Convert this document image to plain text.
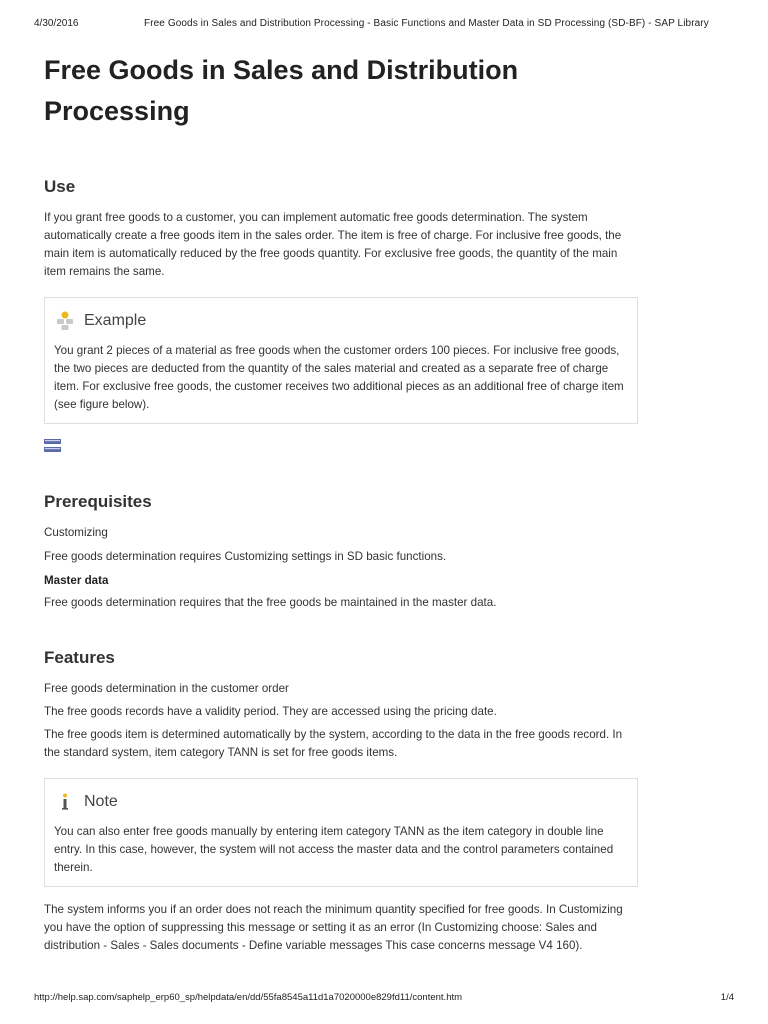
4/30/2016	Free Goods in Sales and Distribution Processing - Basic Functions and Master Data in SD Processing (SD-BF) - SAP Library
Free Goods in Sales and Distribution Processing
Use

If you grant free goods to a customer, you can implement automatic free goods determination. The system automatically create a free goods item in the sales order. The item is free of charge. For inclusive free goods, the main item is automatically reduced by the free goods quantity. For exclusive free goods, the quantity of the main item remains the same.

Example

You grant 2 pieces of a material as free goods when the customer orders 100 pieces. For inclusive free goods, the two pieces are deducted from the quantity of the sales material and created as a separate free of charge item. For exclusive free goods, the customer receives two additional pieces as an additional free of charge item (see figure below).

Prerequisites

Customizing

Free goods determination requires Customizing settings in SD basic functions.

Master data

Free goods determination requires that the free goods be maintained in the master data.

Features

Free goods determination in the customer order

The free goods records have a validity period. They are accessed using the pricing date.

The free goods item is determined automatically by the system, according to the data in the free goods record. In the standard system, item category TANN is set for free goods items.

Note

You can also enter free goods manually by entering item category TANN as the item category in double line entry. In this case, however, the system will not access the master data and the control parameters contained therein.

The system informs you if an order does not reach the minimum quantity specified for free goods. In Customizing you have the option of suppressing this message or setting it as an error (In Customizing choose: Sales and distribution - Sales - Sales documents - Define variable messages This case concerns message V4 160).

http://help.sap.com/saphelp_erp60_sp/helpdata/en/dd/55fa8545a11d1a7020000e829fd11/content.htm	1/4
